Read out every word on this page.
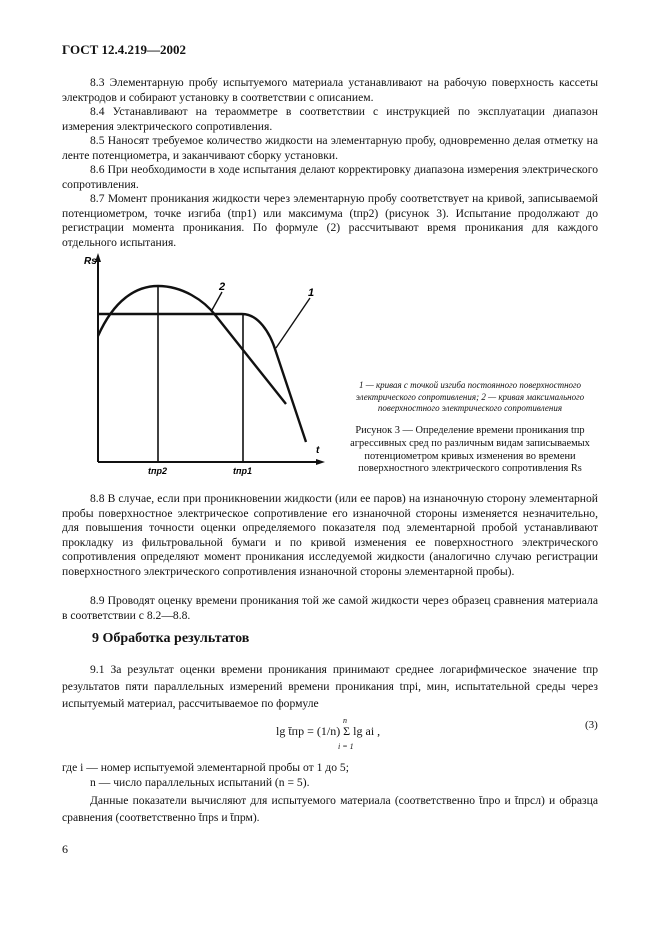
ГОСТ 12.4.219—2002

8.3 Элементарную пробу испытуемого материала устанавливают на рабочую поверхность кассеты электродов и собирают установку в соответствии с описанием.

8.4 Устанавливают на тераомметре в соответствии с инструкцией по эксплуатации диапазон измерения электрического сопротивления.

8.5 Наносят требуемое количество жидкости на элементарную пробу, одновременно делая отметку на ленте потенциометра, и заканчивают сборку установки.

8.6 При необходимости в ходе испытания делают корректировку диапазона измерения электрического сопротивления.

8.7 Момент проникания жидкости через элементарную пробу соответствует на кривой, записываемой потенциометром, точке изгиба (tпр1) или максимума (tпр2) (рисунок 3). Испытание продолжают до регистрации момента проникания. По формуле (2) рассчитывают время проникания для каждого отдельного испытания.

Rs
t
tпр2	tпр1
1
2
1 — кривая с точкой изгиба постоянного поверхностного электрического сопротивления; 2 — кривая максимального поверхностного электрического сопротивления
Рисунок 3 — Определение времени проникания tпр агрессивных сред по различным видам записываемых потенциометром кривых изменения во времени поверхностного электрического сопротивления Rs

8.8 В случае, если при проникновении жидкости (или ее паров) на изнаночную сторону элементарной пробы поверхностное электрическое сопротивление его изнаночной стороны изменяется незначительно, для повышения точности оценки определяемого показателя под элементарной пробой устанавливают прокладку из фильтровальной бумаги и по кривой изменения ее поверхностного электрического сопротивления определяют момент проникания исследуемой жидкости (аналогично случаю регистрации поверхностного электрического сопротивления изнаночной стороны элементарной пробы).

8.9 Проводят оценку времени проникания той же самой жидкости через образец сравнения материала в соответствии с 8.2—8.8.

9 Обработка результатов

9.1 За результат оценки времени проникания принимают среднее логарифмическое значение tпр результатов пяти параллельных измерений времени проникания tпрi, мин, испытательной среды через испытуемый материал, рассчитываемое по формуле

n
lg t̄пр = (1/n) Σ lg ai ,
i = 1
(3)

где i — номер испытуемой элементарной пробы от 1 до 5;

n — число параллельных испытаний (n = 5).

Данные показатели вычисляют для испытуемого материала (соответственно t̄про и t̄прсл) и образца сравнения (соответственно t̄прs и t̄прм).

6
